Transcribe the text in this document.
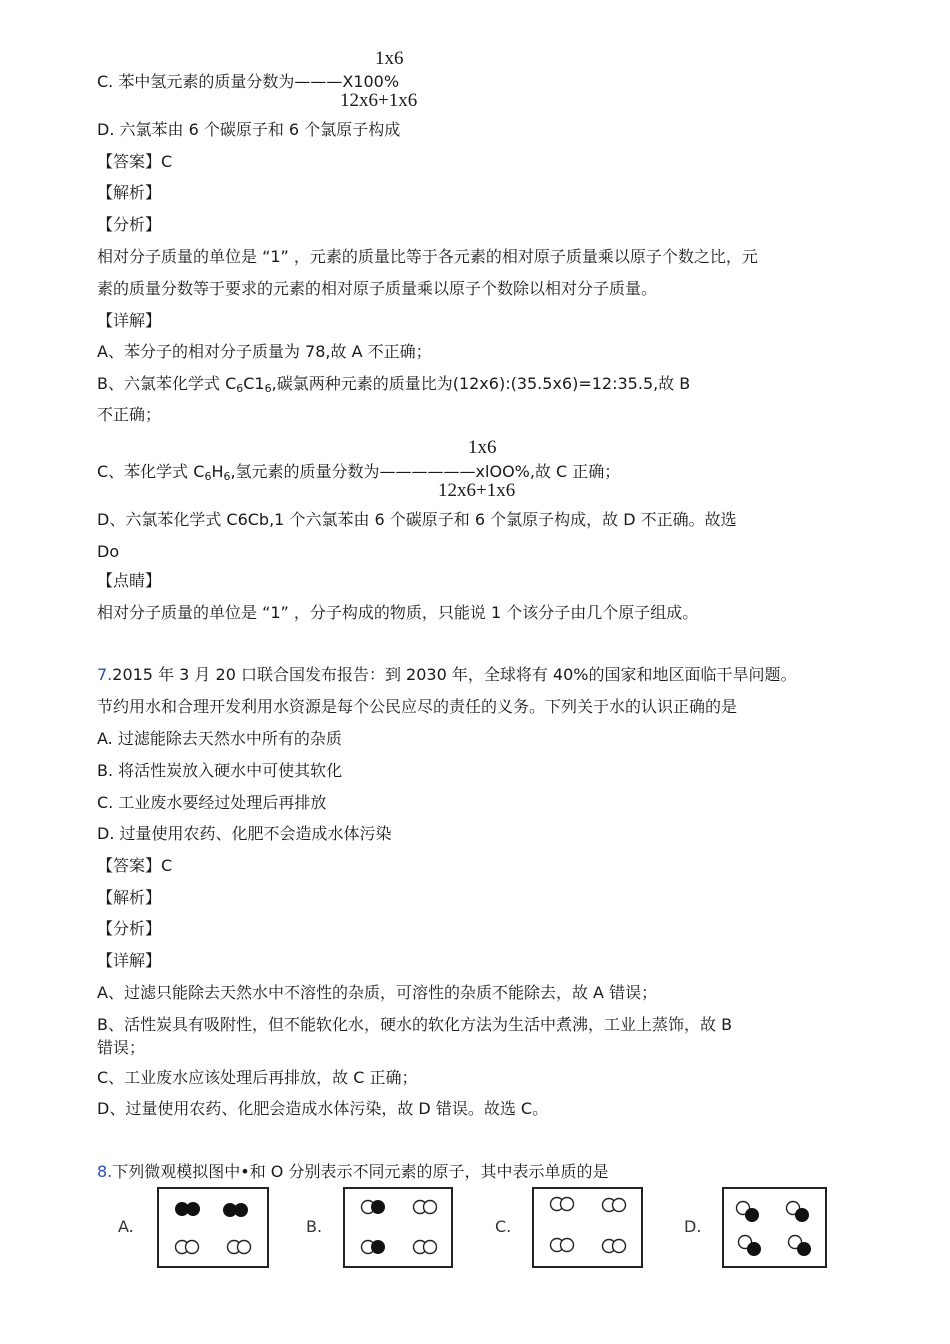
1x6
C. 苯中氢元素的质量分数为———X100%
12x6+1x6
D. 六氯苯由 6 个碳原子和 6 个氯原子构成
【答案】C
【解析】
【分析】
相对分子质量的单位是 “1” ，元素的质量比等于各元素的相对原子质量乘以原子个数之比，元
素的质量分数等于要求的元素的相对原子质量乘以原子个数除以相对分子质量。
【详解】
A、苯分子的相对分子质量为 78,故 A 不正确；
B、六氯苯化学式 $C_6C1_6$,碳氯两种元素的质量比为(12x6):(35.5x6)=12:35.5,故 B
不正确；
1x6
C、苯化学式 $C_6H_6$,氢元素的质量分数为——————xlOO%,故 C 正确；
12x6+1x6
D、六氯苯化学式 C6Cb,1 个六氯苯由 6 个碳原子和 6 个氯原子构成，故 D 不正确。故选
Do
【点睛】
相对分子质量的单位是 “1” ，分子构成的物质，只能说 1 个该分子由几个原子组成。
7.2015 年 3 月 20 口联合国发布报告：到 2030 年，全球将有 40%的国家和地区面临干旱问题。
节约用水和合理开发利用水资源是每个公民应尽的责任的义务。下列关于水的认识正确的是
A. 过滤能除去天然水中所有的杂质
B. 将活性炭放入硬水中可使其软化
C. 工业废水要经过处理后再排放
D. 过量使用农药、化肥不会造成水体污染
【答案】C
【解析】
【分析】
【详解】
A、过滤只能除去天然水中不溶性的杂质，可溶性的杂质不能除去，故 A 错误；
B、活性炭具有吸附性，但不能软化水，硬水的软化方法为生活中煮沸，工业上蒸饰，故 B
错误；
C、工业废水应该处理后再排放，故 C 正确；
D、过量使用农药、化肥会造成水体污染，故 D 错误。故选 C。
8.下列微观模拟图中•和 O 分别表示不同元素的原子，其中表示单质的是
A.	B.	C.	D.
